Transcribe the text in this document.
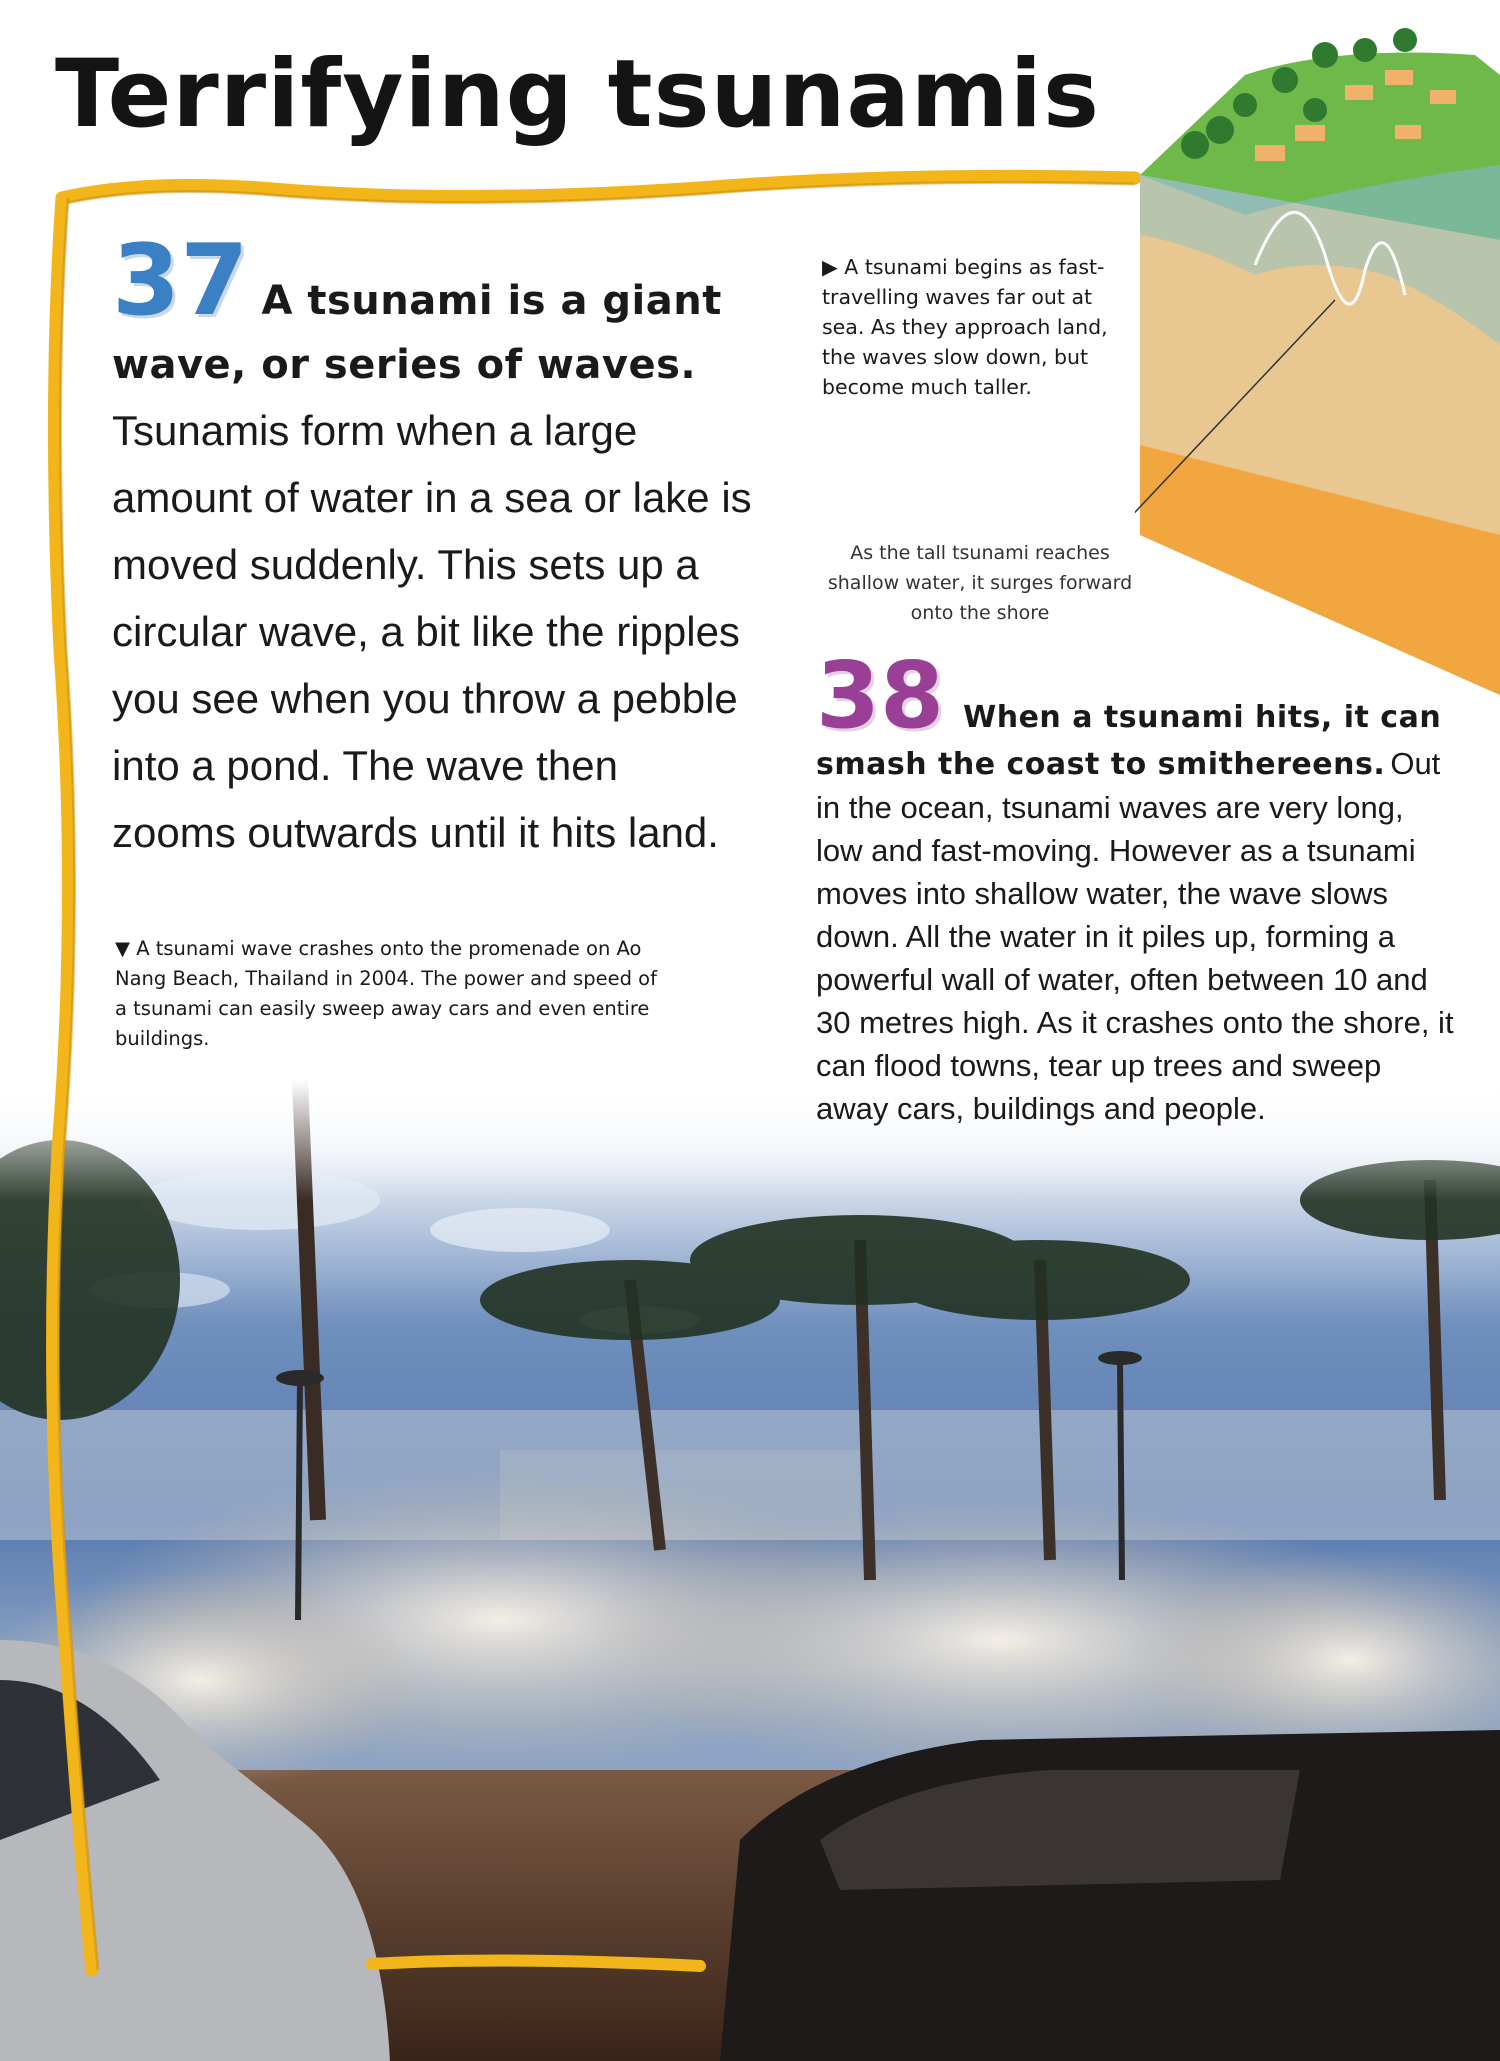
Terrifying tsunamis
37 A tsunami is a giant wave, or series of waves. Tsunamis form when a large amount of water in a sea or lake is moved suddenly. This sets up a circular wave, a bit like the ripples you see when you throw a pebble into a pond. The wave then zooms outwards until it hits land.
▶ A tsunami begins as fast-travelling waves far out at sea. As they approach land, the waves slow down, but become much taller.
As the tall tsunami reaches shallow water, it surges forward onto the shore
▼ A tsunami wave crashes onto the promenade on Ao Nang Beach, Thailand in 2004. The power and speed of a tsunami can easily sweep away cars and even entire buildings.
38 When a tsunami hits, it can smash the coast to smithereens. Out in the ocean, tsunami waves are very long, low and fast-moving. However as a tsunami moves into shallow water, the wave slows down. All the water in it piles up, forming a powerful wall of water, often between 10 and 30 metres high. As it crashes onto the shore, it can flood towns, tear up trees and sweep away cars, buildings and people.
